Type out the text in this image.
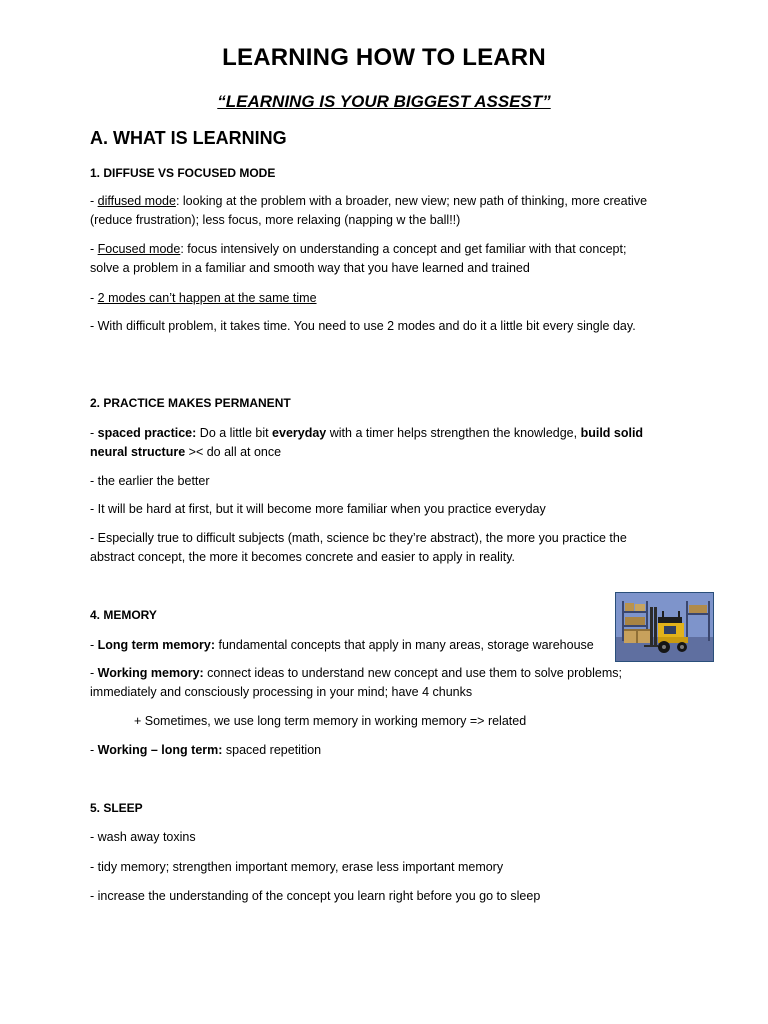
LEARNING HOW TO LEARN
“LEARNING IS YOUR BIGGEST ASSEST”
A. WHAT IS LEARNING
1. DIFFUSE VS FOCUSED MODE
- diffused mode: looking at the problem with a broader, new view; new path of thinking, more creative (reduce frustration); less focus, more relaxing (napping w the ball!!)
- Focused mode: focus intensively on understanding a concept and get familiar with that concept; solve a problem in a familiar and smooth way that you have learned and trained
- 2 modes can’t happen at the same time
- With difficult problem, it takes time. You need to use 2 modes and do it a little bit every single day.
2. PRACTICE MAKES PERMANENT
- spaced practice: Do a little bit everyday with a timer helps strengthen the knowledge, build solid neural structure >< do all at once
- the earlier the better
- It will be hard at first, but it will become more familiar when you practice everyday
- Especially true to difficult subjects (math, science bc they’re abstract), the more you practice the abstract concept, the more it becomes concrete and easier to apply in reality.
4. MEMORY
- Long term memory: fundamental concepts that apply in many areas, storage warehouse
- Working memory: connect ideas to understand new concept and use them to solve problems; immediately and consciously processing in your mind; have 4 chunks
+ Sometimes, we use long term memory in working memory => related
- Working – long term: spaced repetition
5. SLEEP
- wash away toxins
- tidy memory; strengthen important memory, erase less important memory
- increase the understanding of the concept you learn right before you go to sleep
